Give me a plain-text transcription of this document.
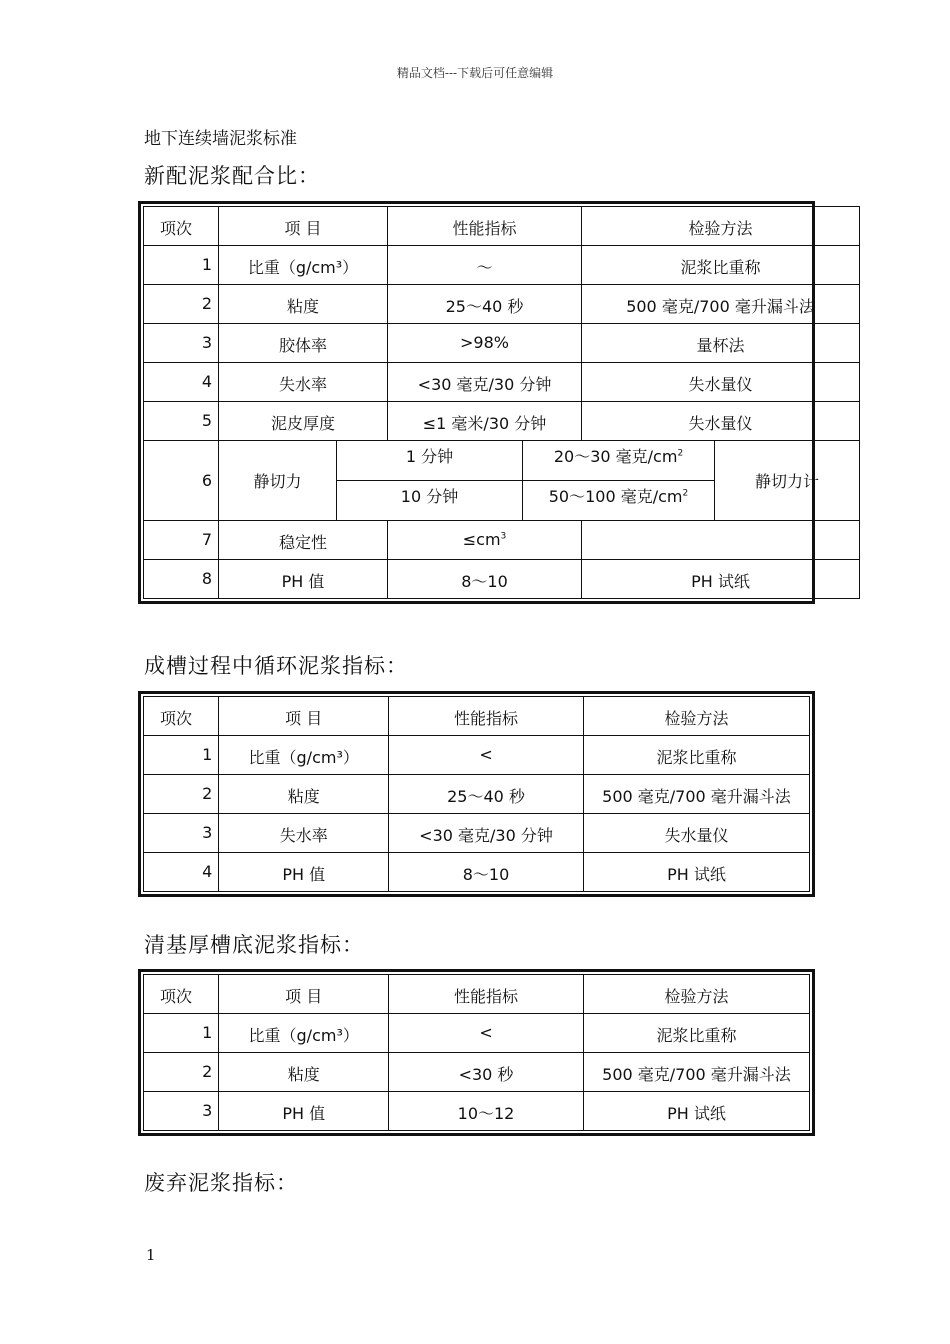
精品文档---下载后可任意编辑
地下连续墙泥浆标准
新配泥浆配合比：
项次	项 目		性能指标		检验方法	
1	比重（g/cm³）		～		泥浆比重称	
2	粘度		25～40 秒		500 毫克/700 毫升漏斗法	
3	胶体率		>98%		量杯法	
4	失水率		<30 毫克/30 分钟		失水量仪	
5	泥皮厚度		≤1 毫米/30 分钟		失水量仪	
6	静切力	1 分钟		20～30 毫克$/cm^2$		静切力计
		10 分钟		50～100 毫克$/cm^2$
7	稳定性		$\le cm^3$	
8	PH 值		8～10		PH 试纸	
成槽过程中循环泥浆指标：
项次	项 目	性能指标	检验方法
1	比重（g/cm³）	<	泥浆比重称
2	粘度	25～40 秒	500 毫克/700 毫升漏斗法
3	失水率	<30 毫克/30 分钟	失水量仪
4	PH 值	8～10	PH 试纸
清基厚槽底泥浆指标：
项次	项 目	性能指标	检验方法
1	比重（g/cm³）	<	泥浆比重称
2	粘度	<30 秒	500 毫克/700 毫升漏斗法
3	PH 值	10～12	PH 试纸
废弃泥浆指标：
1
